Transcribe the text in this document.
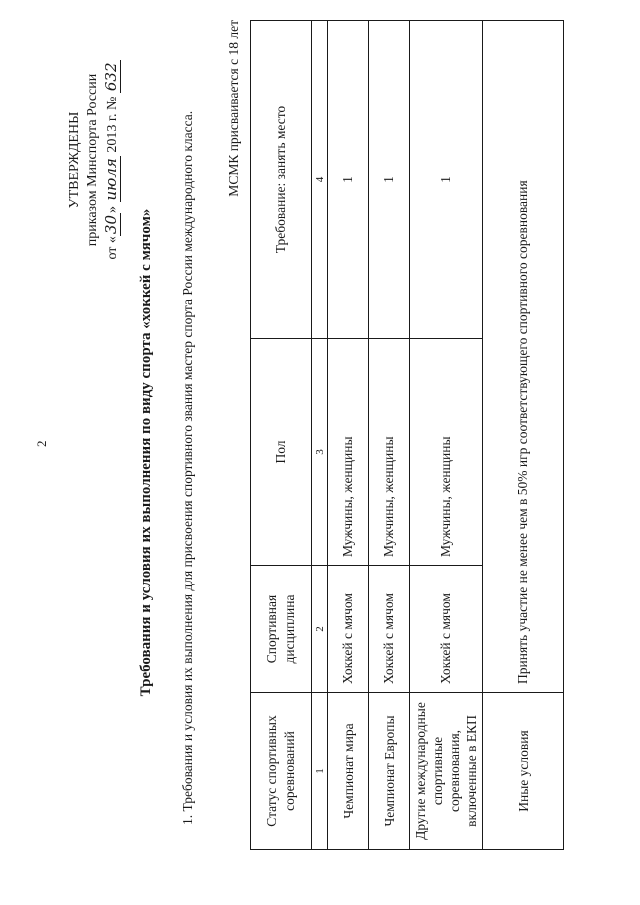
2
УТВЕРЖДЕНЫ приказом Минспорта России
от «30» июля 2013 г. № 632
Требования и условия их выполнения по виду спорта «хоккей с мячом» 1. Требования и условия их выполнения для присвоения спортивного звания мастер спорта России международного класса.
МСМК присваивается с 18 лет
Статус спортивных соревнований	Спортивная дисциплина	Пол	Требование: занять место
1	2	3	4
Чемпионат мира	Хоккей с мячом	Мужчины, женщины	1
Чемпионат Европы	Хоккей с мячом	Мужчины, женщины	1
Другие международные спортивные соревнования, включенные в ЕКП	Хоккей с мячом	Мужчины, женщины	1
Иные условия	Принять участие не менее чем в 50% игр соответствующего спортивного соревнования		
